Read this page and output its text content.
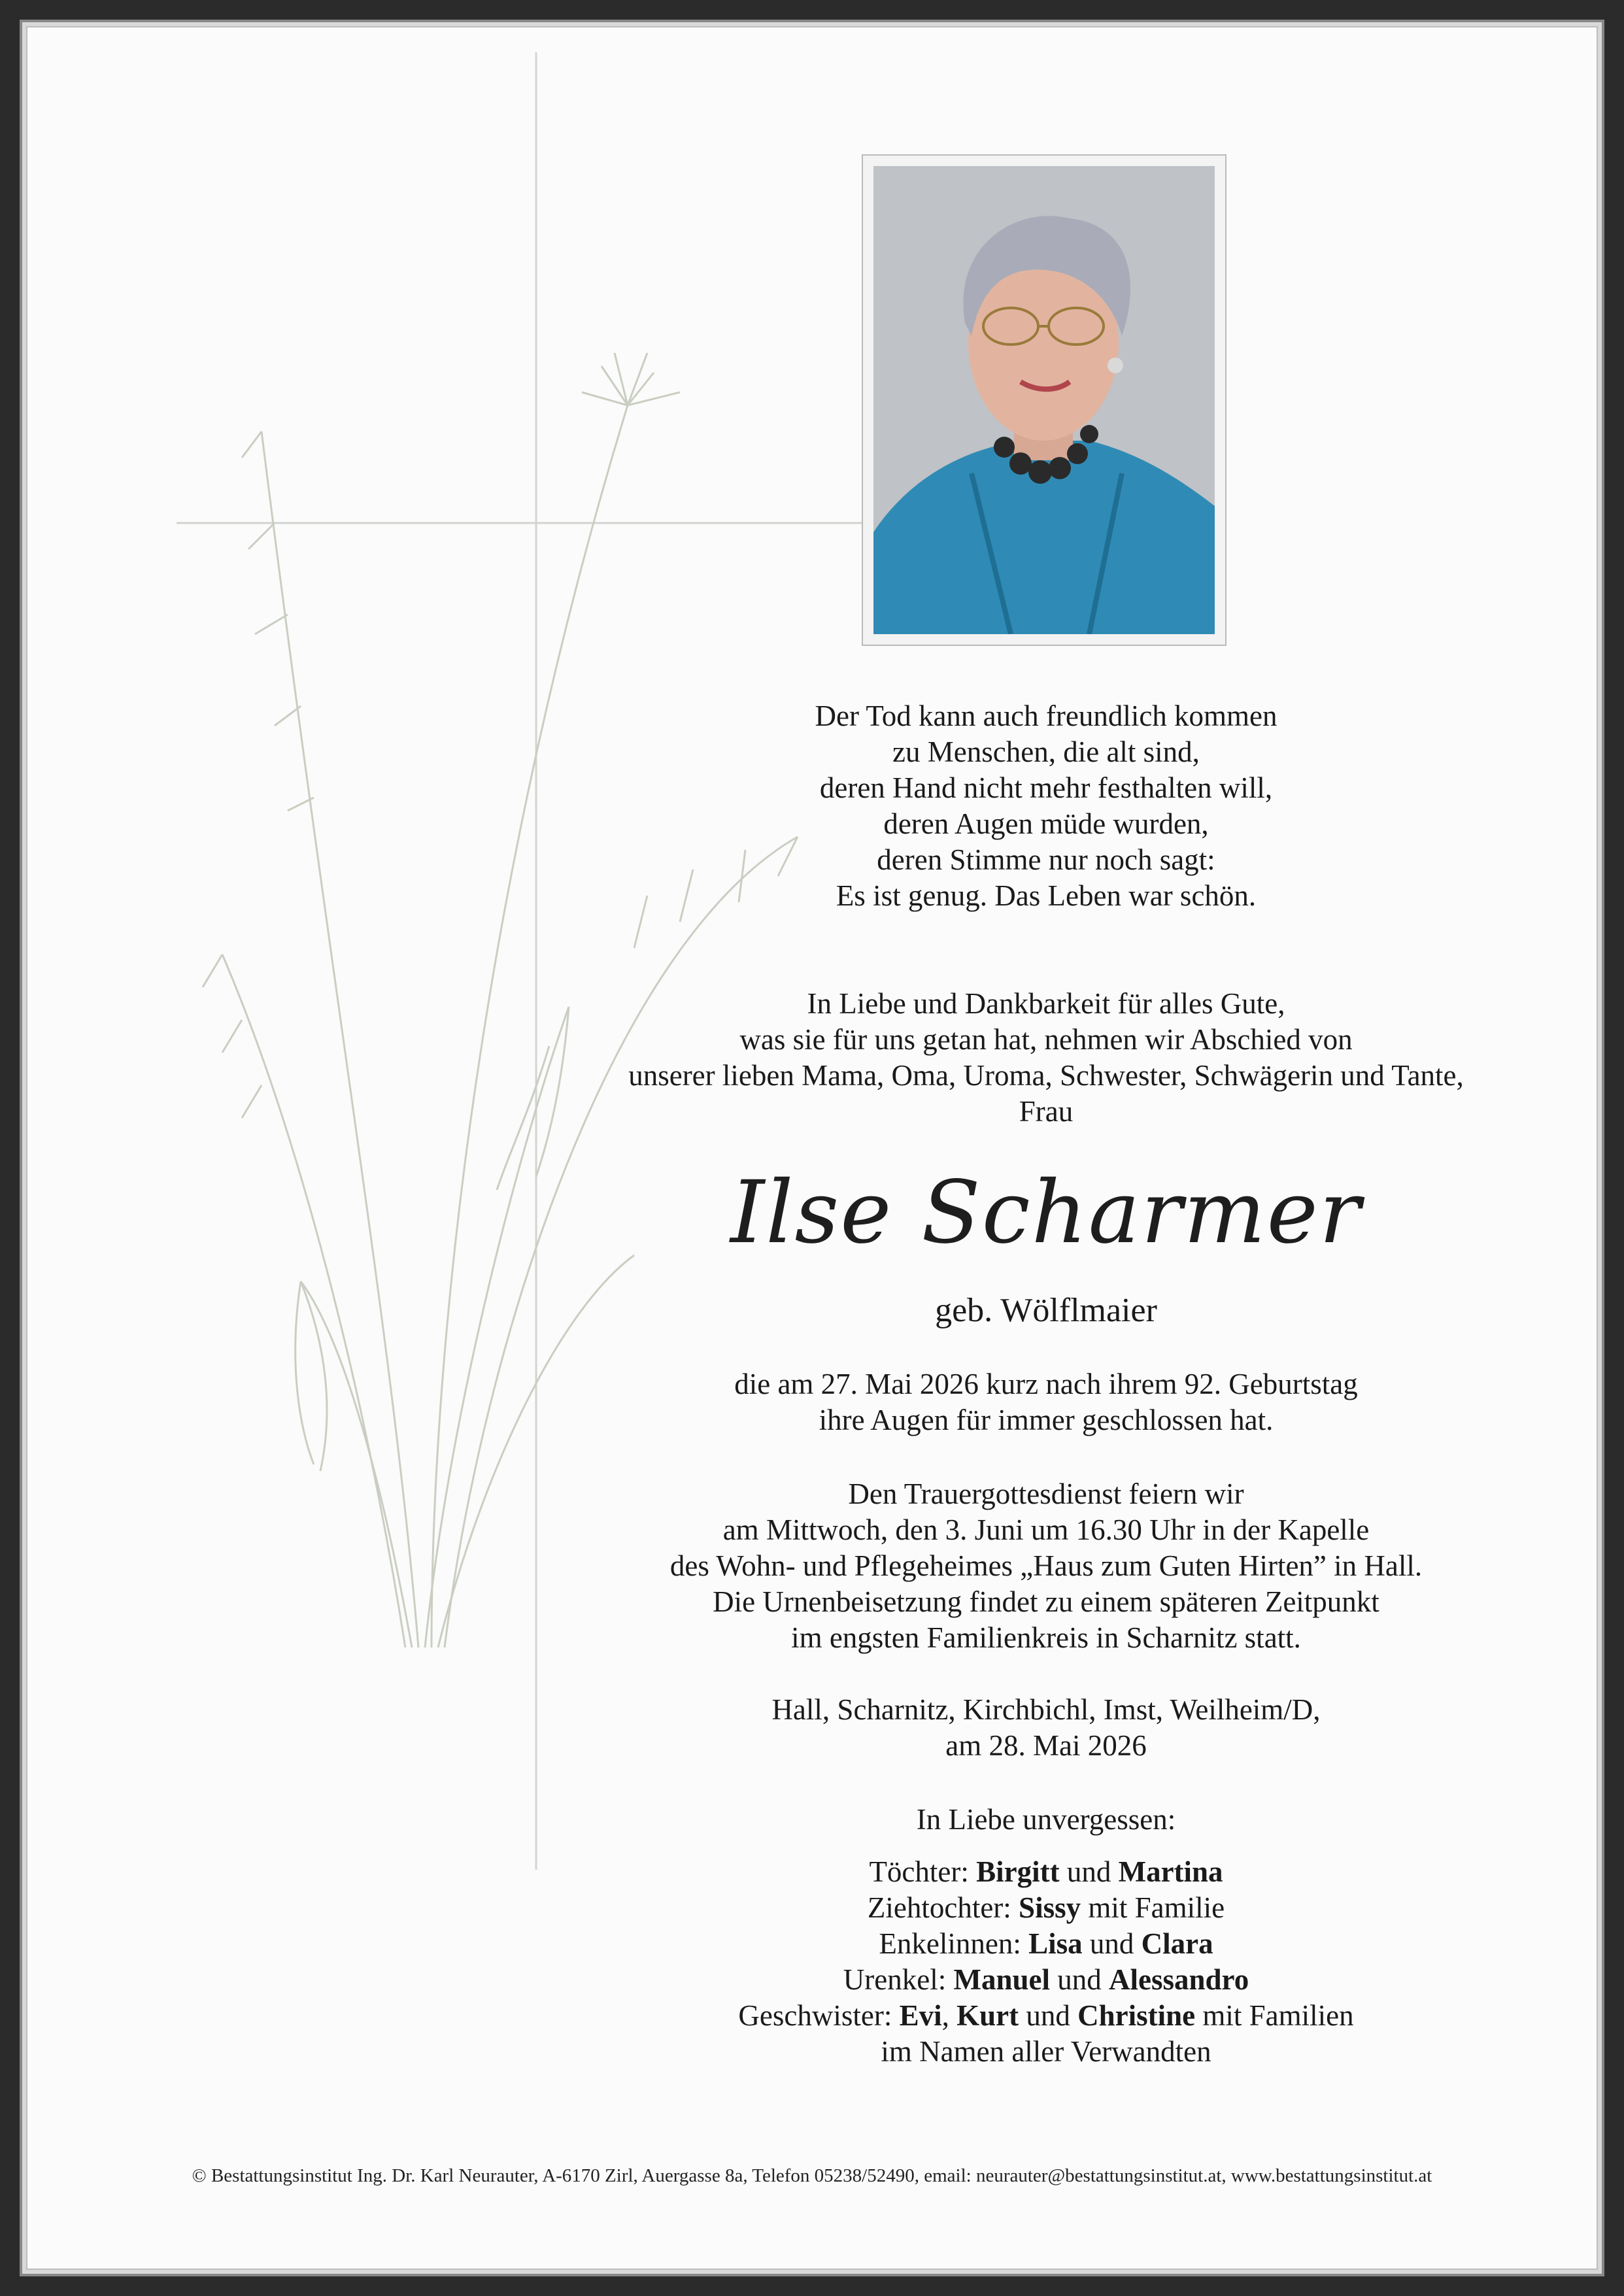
Der Tod kann auch freundlich kommen
zu Menschen, die alt sind,
deren Hand nicht mehr festhalten will,
deren Augen müde wurden,
deren Stimme nur noch sagt:
Es ist genug. Das Leben war schön.
In Liebe und Dankbarkeit für alles Gute,
was sie für uns getan hat, nehmen wir Abschied von
unserer lieben Mama, Oma, Uroma, Schwester, Schwägerin und Tante,
Frau
Ilse Scharmer
geb. Wölflmaier
die am 27. Mai 2026 kurz nach ihrem 92. Geburtstag
ihre Augen für immer geschlossen hat.
Den Trauergottesdienst feiern wir
am Mittwoch, den 3. Juni um 16.30 Uhr in der Kapelle
des Wohn- und Pflegeheimes „Haus zum Guten Hirten” in Hall.
Die Urnenbeisetzung findet zu einem späteren Zeitpunkt
im engsten Familienkreis in Scharnitz statt.
Hall, Scharnitz, Kirchbichl, Imst, Weilheim/D,
am 28. Mai 2026
In Liebe unvergessen:
Töchter: Birgitt und Martina
Ziehtochter: Sissy mit Familie
Enkelinnen: Lisa und Clara
Urenkel: Manuel und Alessandro
Geschwister: Evi, Kurt und Christine mit Familien
im Namen aller Verwandten
© Bestattungsinstitut Ing. Dr. Karl Neurauter, A-6170 Zirl, Auergasse 8a, Telefon 05238/52490, email: neurauter@bestattungsinstitut.at, www.bestattungsinstitut.at
